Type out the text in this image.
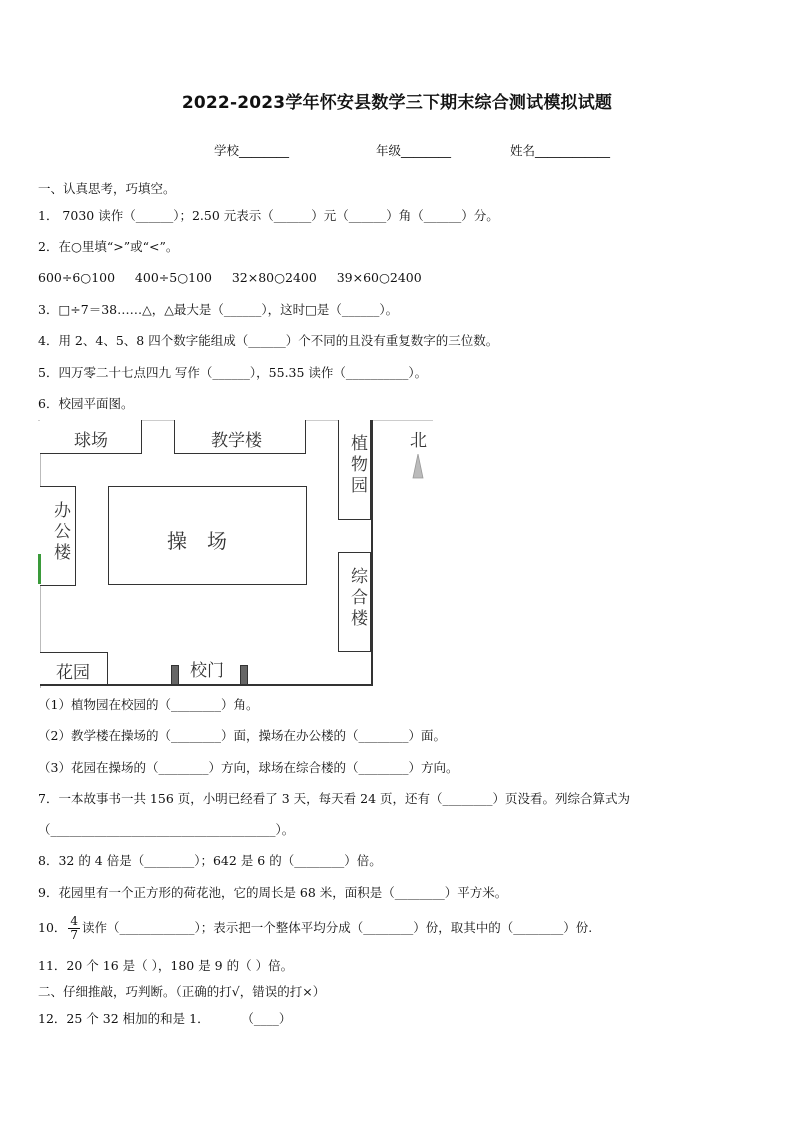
2022-2023学年怀安县数学三下期末综合测试模拟试题
学校________	年级________	姓名____________
一、认真思考，巧填空。
1． 7030 读作（______）；2.50 元表示（______）元（______）角（______）分。
2．在○里填“>”或“<”。
600÷6○100     400÷5○100     32×80○2400     39×60○2400
3．□÷7＝38……△，△最大是（______），这时□是（______）。
4．用 2、4、5、8 四个数字能组成（______）个不同的且没有重复数字的三位数。
5．四万零二十七点四九 写作（______），55.35 读作（__________）。
6．校园平面图。
球场	教学楼	植物园	北
办公楼	操　场
综合楼
花园	校门
（1）植物园在校园的（________）角。
（2）教学楼在操场的（________）面，操场在办公楼的（________）面。
（3）花园在操场的（________）方向，球场在综合楼的（________）方向。
7．一本故事书一共 156 页，小明已经看了 3 天，每天看 24 页，还有（________）页没看。列综合算式为
（____________________________________）。
8．32 的 4 倍是（________）；642 是 6 的（________）倍。
9．花园里有一个正方形的荷花池，它的周长是 68 米，面积是（________）平方米。
10． $\frac{4}{7}$ 读作（____________）；表示把一个整体平均分成（________）份，取其中的（________）份.
11．20 个 16 是（ ），180 是 9 的（ ）倍。
二、仔细推敲，巧判断。（正确的打√，错误的打×）
12．25 个 32 相加的和是 1．        （____）
